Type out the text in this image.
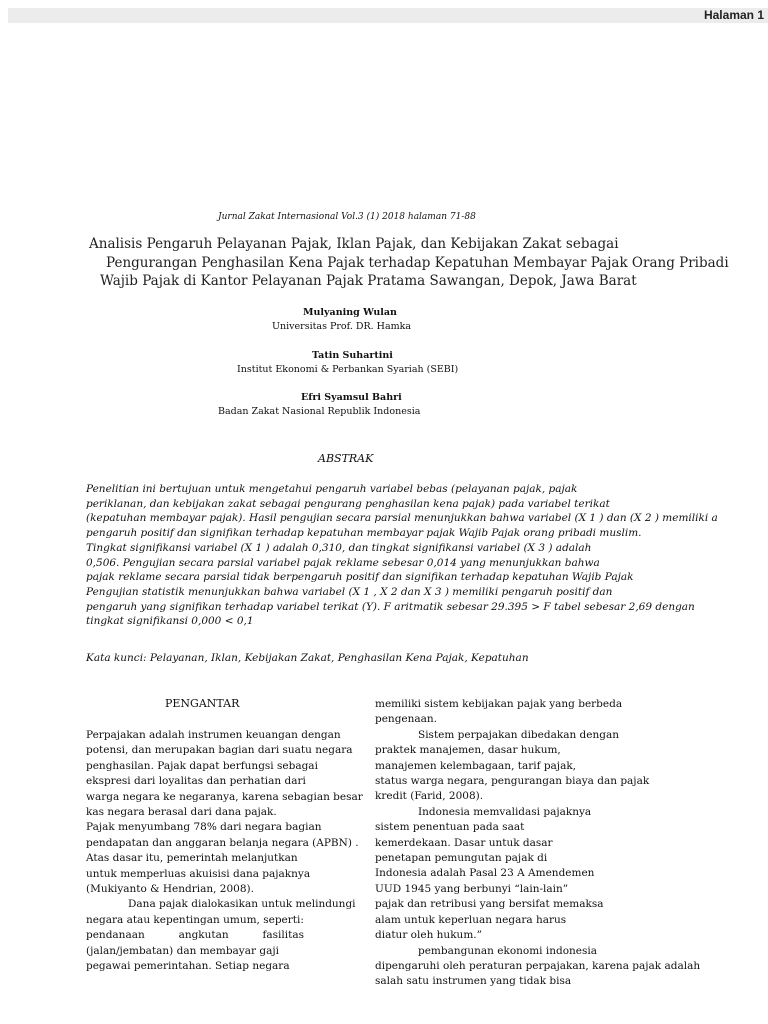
Halaman 1
Jurnal Zakat Internasional Vol.3 (1) 2018 halaman 71-88
Analisis Pengaruh Pelayanan Pajak, Iklan Pajak, dan Kebijakan Zakat sebagai
Pengurangan Penghasilan Kena Pajak terhadap Kepatuhan Membayar Pajak Orang Pribadi
Wajib Pajak di Kantor Pelayanan Pajak Pratama Sawangan, Depok, Jawa Barat
Mulyaning Wulan
Universitas Prof. DR. Hamka
Tatin Suhartini
Institut Ekonomi & Perbankan Syariah (SEBI)
Efri Syamsul Bahri
Badan Zakat Nasional Republik Indonesia
ABSTRAK
Penelitian ini bertujuan untuk mengetahui pengaruh variabel bebas (pelayanan pajak, pajak
periklanan, dan kebijakan zakat sebagai pengurang penghasilan kena pajak) pada variabel terikat
(kepatuhan membayar pajak). Hasil pengujian secara parsial menunjukkan bahwa variabel (X 1 ) dan (X 2 ) memiliki a
pengaruh positif dan signifikan terhadap kepatuhan membayar pajak Wajib Pajak orang pribadi muslim.
Tingkat signifikansi variabel (X 1 ) adalah 0,310, dan tingkat signifikansi variabel (X 3 ) adalah
0,506. Pengujian secara parsial variabel pajak reklame sebesar 0,014 yang menunjukkan bahwa
pajak reklame secara parsial tidak berpengaruh positif dan signifikan terhadap kepatuhan Wajib Pajak
Pengujian statistik menunjukkan bahwa variabel (X 1 , X 2 dan X 3 ) memiliki pengaruh positif dan
pengaruh yang signifikan terhadap variabel terikat (Y). F aritmatik sebesar 29.395 > F tabel sebesar 2,69 dengan
tingkat signifikansi 0,000 < 0,1
Kata kunci: Pelayanan, Iklan, Kebijakan Zakat, Penghasilan Kena Pajak, Kepatuhan
PENGANTAR
Perpajakan adalah instrumen keuangan dengan
potensi, dan merupakan bagian dari suatu negara
penghasilan. Pajak dapat berfungsi sebagai
ekspresi dari loyalitas dan perhatian dari
warga negara ke negaranya, karena sebagian besar
kas negara berasal dari dana pajak.
Pajak menyumbang 78% dari negara bagian
pendapatan dan anggaran belanja negara (APBN) .
Atas dasar itu, pemerintah melanjutkan
untuk memperluas akuisisi dana pajaknya
(Mukiyanto & Hendrian, 2008).
Dana pajak dialokasikan untuk melindungi
negara atau kepentingan umum, seperti:
pendanaan	angkutan	fasilitas
(jalan/jembatan) dan membayar gaji
pegawai pemerintahan. Setiap negara
memiliki sistem kebijakan pajak yang berbeda
pengenaan.
Sistem perpajakan dibedakan dengan
praktek manajemen, dasar hukum,
manajemen kelembagaan, tarif pajak,
status warga negara, pengurangan biaya dan pajak
kredit (Farid, 2008).
Indonesia memvalidasi pajaknya
sistem penentuan pada saat
kemerdekaan. Dasar untuk dasar
penetapan pemungutan pajak di
Indonesia adalah Pasal 23 A Amendemen
UUD 1945 yang berbunyi “lain-lain”
pajak dan retribusi yang bersifat memaksa
alam untuk keperluan negara harus
diatur oleh hukum.”
pembangunan ekonomi indonesia
dipengaruhi oleh peraturan perpajakan, karena pajak adalah
salah satu instrumen yang tidak bisa
